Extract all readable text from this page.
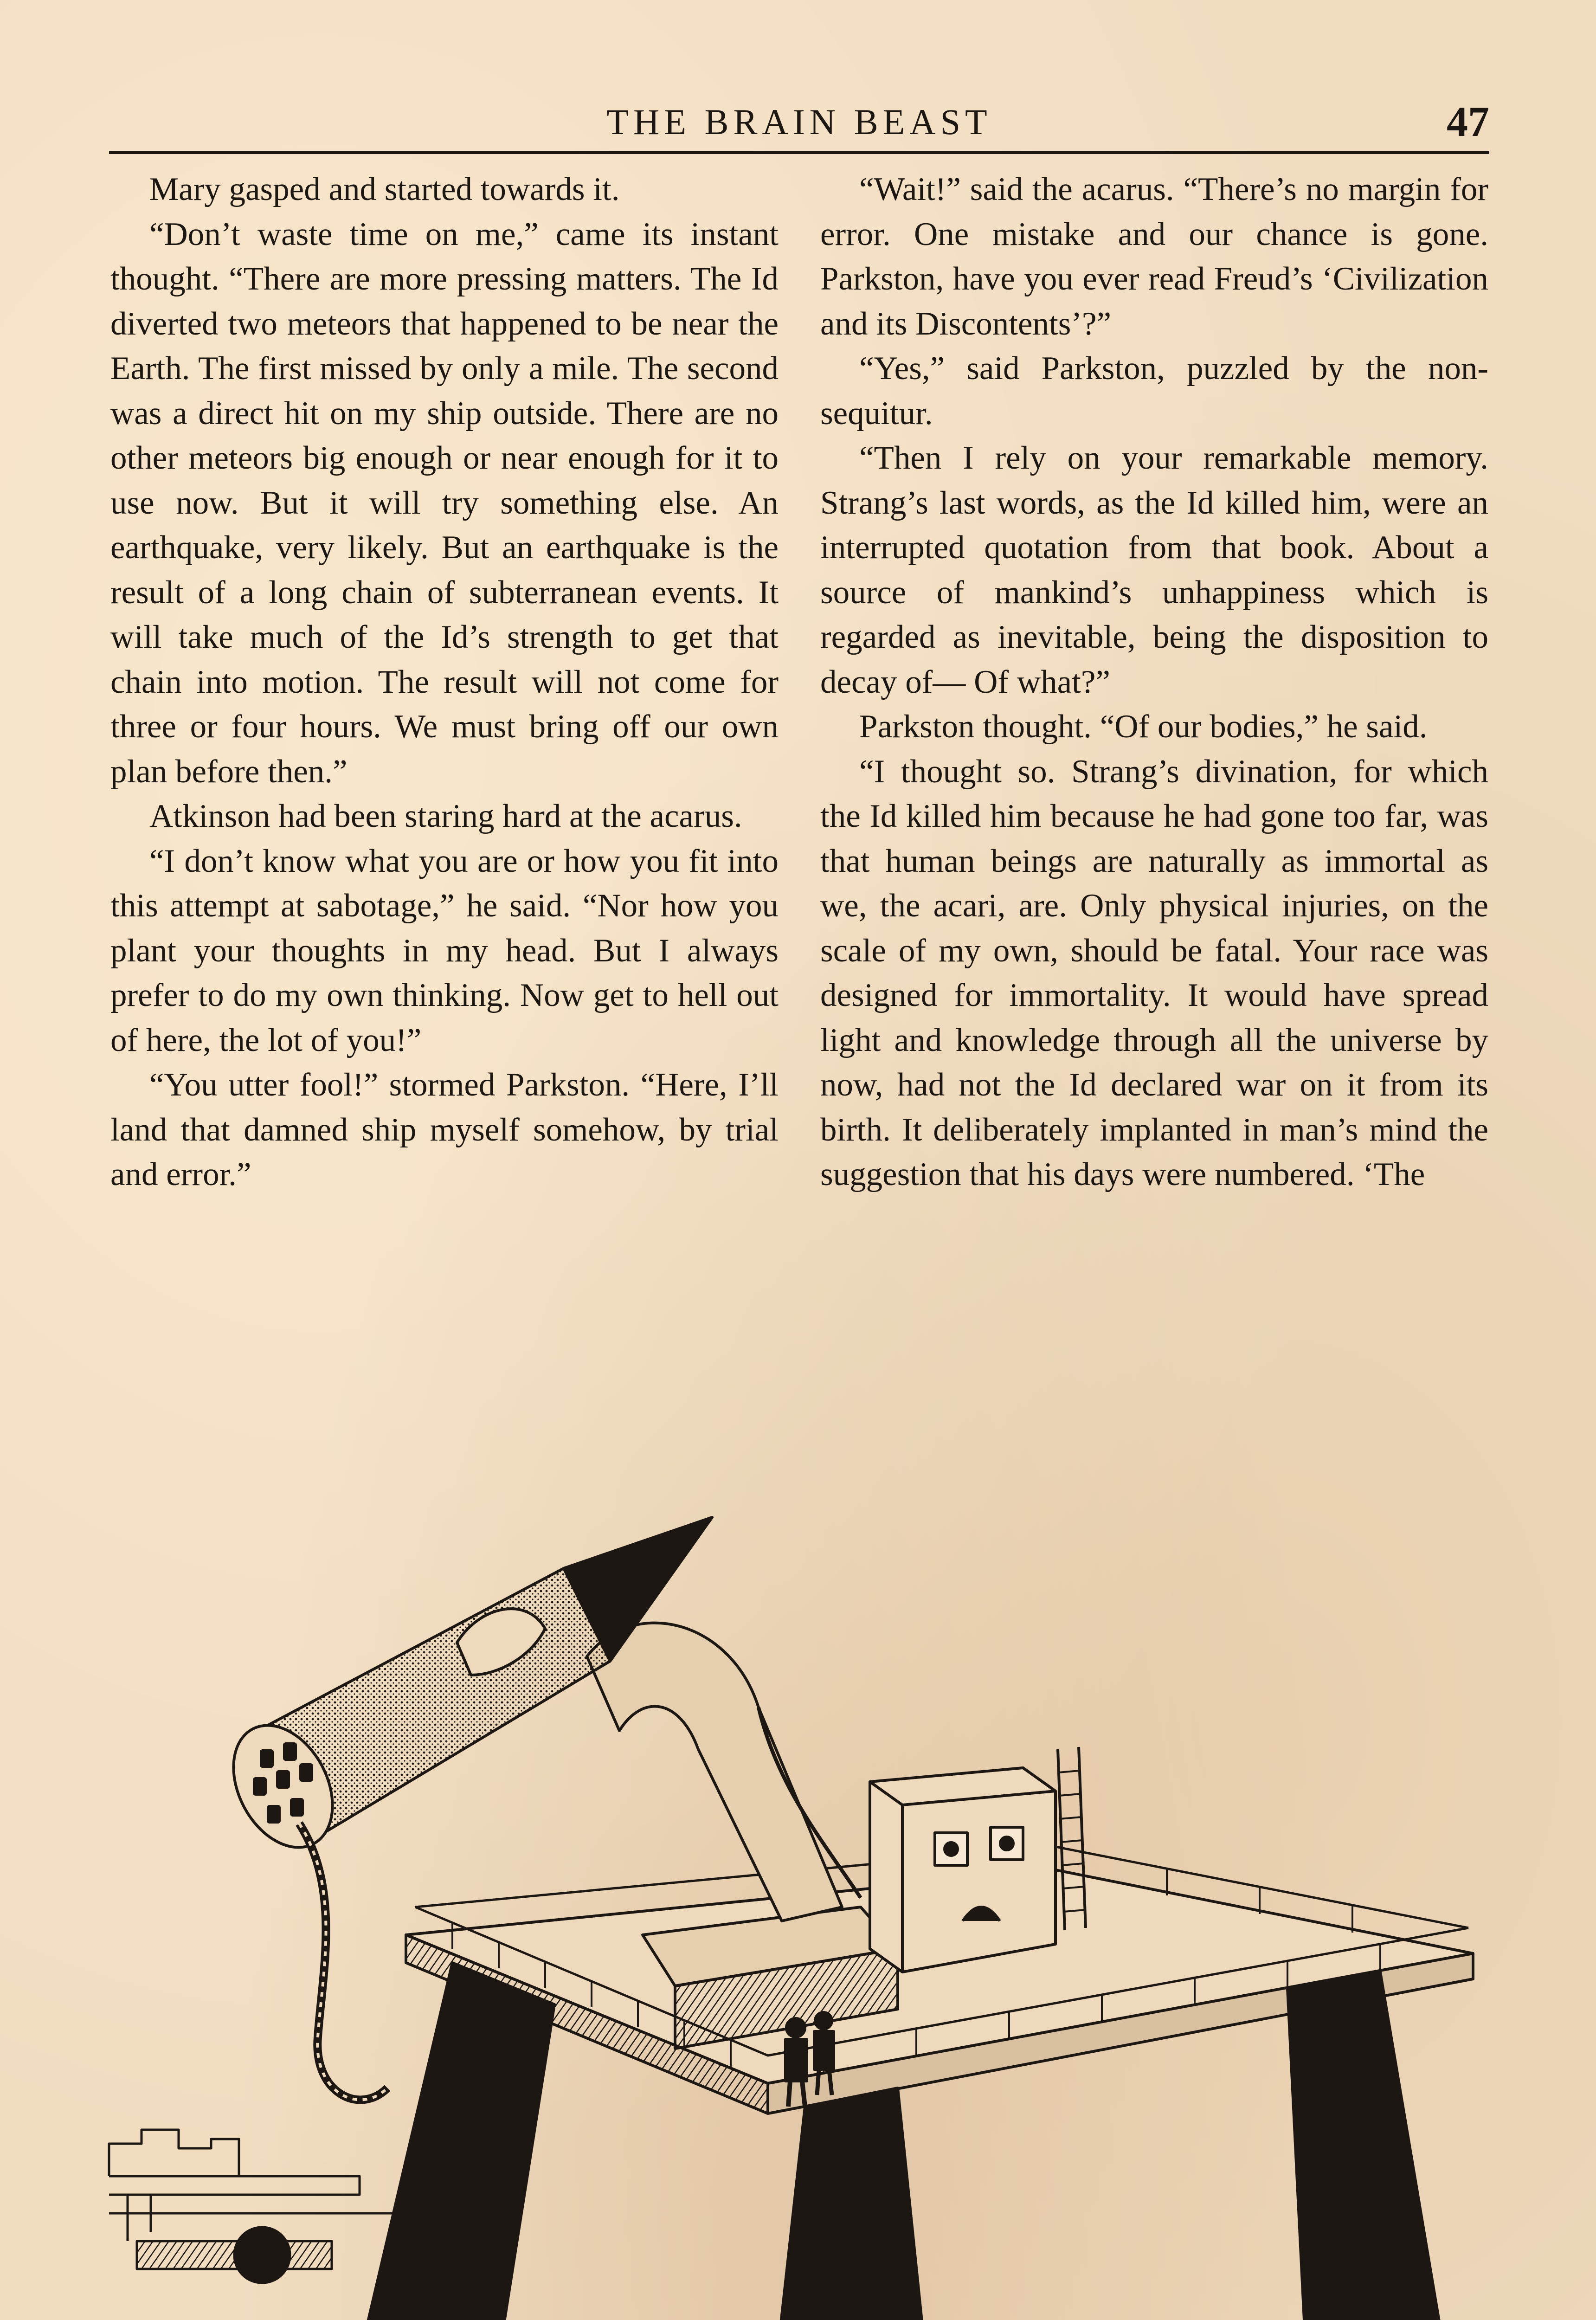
THE BRAIN BEAST	47

Mary gasped and started towards it.

“Don’t waste time on me,” came its instant thought. “There are more pressing matters. The Id diverted two meteors that happened to be near the Earth. The first missed by only a mile. The second was a direct hit on my ship outside. There are no other meteors big enough or near enough for it to use now. But it will try something else. An earthquake, very likely. But an earthquake is the result of a long chain of subterranean events. It will take much of the Id’s strength to get that chain into motion. The result will not come for three or four hours. We must bring off our own plan before then.”

Atkinson had been staring hard at the acarus.

“I don’t know what you are or how you fit into this attempt at sabotage,” he said. “Nor how you plant your thoughts in my head. But I always prefer to do my own thinking. Now get to hell out of here, the lot of you!”

“You utter fool!” stormed Parkston. “Here, I’ll land that damned ship myself somehow, by trial and error.”

“Wait!” said the acarus. “There’s no margin for error. One mistake and our chance is gone. Parkston, have you ever read Freud’s ‘Civilization and its Discontents’?”

“Yes,” said Parkston, puzzled by the non-sequitur.

“Then I rely on your remarkable memory. Strang’s last words, as the Id killed him, were an interrupted quotation from that book. About a source of mankind’s unhappiness which is regarded as inevitable, being the disposition to decay of— Of what?”

Parkston thought. “Of our bodies,” he said.

“I thought so. Strang’s divination, for which the Id killed him because he had gone too far, was that human beings are naturally as immortal as we, the acari, are. Only physical injuries, on the scale of my own, should be fatal. Your race was designed for immortality. It would have spread light and knowledge through all the universe by now, had not the Id declared war on it from its birth. It deliberately implanted in man’s mind the suggestion that his days were numbered. ‘The
